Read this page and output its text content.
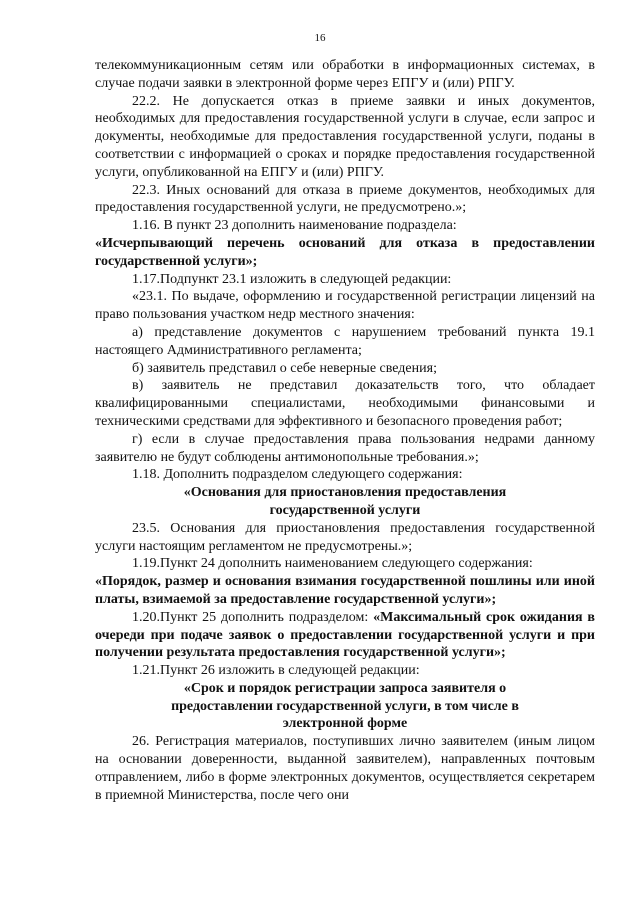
16

телекоммуникационным сетям или обработки в информационных системах, в случае подачи заявки в электронной форме через ЕПГУ и (или) РПГУ.

22.2. Не допускается отказ в приеме заявки и иных документов, необходимых для предоставления государственной услуги в случае, если запрос и документы, необходимые для предоставления государственной услуги, поданы в соответствии с информацией о сроках и порядке предоставления государственной услуги, опубликованной на ЕПГУ и (или) РПГУ.

22.3. Иных оснований для отказа в приеме документов, необходимых для предоставления государственной услуги, не предусмотрено.»;

1.16. В пункт 23 дополнить наименование подраздела:

«Исчерпывающий перечень оснований для отказа в предоставлении государственной услуги»;

1.17.Подпункт 23.1 изложить в следующей редакции:

«23.1. По выдаче, оформлению и государственной регистрации лицензий на право пользования участком недр местного значения:

а) представление документов с нарушением требований пункта 19.1 настоящего Административного регламента;

б) заявитель представил о себе неверные сведения;

в) заявитель не представил доказательств того, что обладает квалифицированными специалистами, необходимыми финансовыми и техническими средствами для эффективного и безопасного проведения работ;

г) если в случае предоставления права пользования недрами данному заявителю не будут соблюдены антимонопольные требования.»;

1.18. Дополнить подразделом следующего содержания:

«Основания для приостановления предоставления государственной услуги

23.5. Основания для приостановления предоставления государственной услуги настоящим регламентом не предусмотрены.»;

1.19.Пункт 24 дополнить наименованием следующего содержания:

«Порядок, размер и основания взимания государственной пошлины или иной платы, взимаемой за предоставление государственной услуги»;

1.20.Пункт 25 дополнить подразделом: «Максимальный срок ожидания в очереди при подаче заявок о предоставлении государственной услуги и при получении результата предоставления государственной услуги»;

1.21.Пункт 26 изложить в следующей редакции:

«Срок и порядок регистрации запроса заявителя о предоставлении государственной услуги, в том числе в электронной форме

26. Регистрация материалов, поступивших лично заявителем (иным лицом на основании доверенности, выданной заявителем), направленных почтовым отправлением, либо в форме электронных документов, осуществляется секретарем в приемной Министерства, после чего они
